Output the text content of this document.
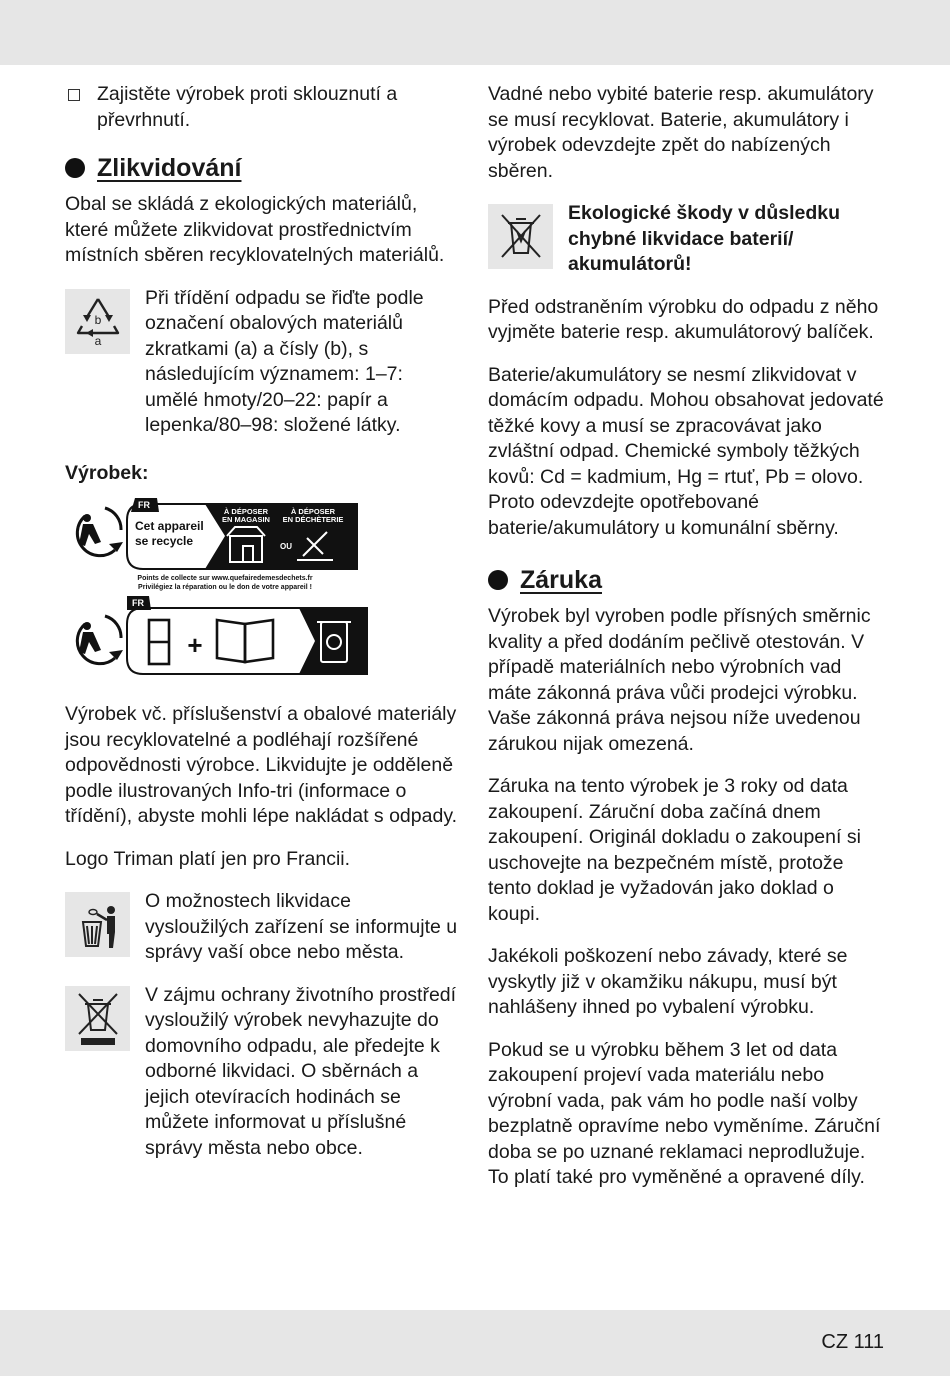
Zajistěte výrobek proti sklouznutí a převrhnutí.
Zlikvidování

Obal se skládá z ekologických materiálů, které můžete zlikvidovat prostřednictvím místních sběren recyklovatelných materiálů.

b
a
Při třídění odpadu se řiďte podle označení obalových materiálů zkratkami (a) a čísly (b), s následujícím významem: 1–7: umělé hmoty/20–22: papír a lepenka/80–98: složené látky.

Výrobek:

FR
Cet appareil
se recycle
À DÉPOSER
EN MAGASIN
À DÉPOSER
EN DÉCHÈTERIE
OU
Points de collecte sur www.quefairedemesdechets.fr
Privilégiez la réparation ou le don de votre appareil !
FR
+

Výrobek vč. příslušenství a obalové materiály jsou recyklovatelné a podléhají rozšířené odpovědnosti výrobce. Likvidujte je odděleně podle ilustrovaných Info-tri (informace o třídění), abyste mohli lépe nakládat s odpady.

Logo Triman platí jen pro Francii.

O možnostech likvidace vysloužilých zařízení se informujte u správy vaší obce nebo města.
V zájmu ochrany životního prostředí vysloužilý výrobek nevyhazujte do domovního odpadu, ale předejte k odborné likvidaci. O sběrnách a jejich otevíracích hodinách se můžete informovat u příslušné správy města nebo obce.

Vadné nebo vybité baterie resp. akumulátory se musí recyklovat. Baterie, akumulátory i výrobek odevzdejte zpět do nabízených sběren.

Ekologické škody v důsledku chybné likvidace baterií/ akumulátorů!

Před odstraněním výrobku do odpadu z něho vyjměte baterie resp. akumulátorový balíček.

Baterie/akumulátory se nesmí zlikvidovat v domácím odpadu. Mohou obsahovat jedovaté těžké kovy a musí se zpracovávat jako zvláštní odpad. Chemické symboly těžkých kovů: Cd = kadmium, Hg = rtuť, Pb = olovo. Proto odevzdejte opotřebované baterie/akumulátory u komunální sběrny.

Záruka

Výrobek byl vyroben podle přísných směrnic kvality a před dodáním pečlivě otestován. V případě materiálních nebo výrobních vad máte zákonná práva vůči prodejci výrobku. Vaše zákonná práva nejsou níže uvedenou zárukou nijak omezená.

Záruka na tento výrobek je 3 roky od data zakoupení. Záruční doba začíná dnem zakoupení. Originál dokladu o zakoupení si uschovejte na bezpečném místě, protože tento doklad je vyžadován jako doklad o koupi.

Jakékoli poškození nebo závady, které se vyskytly již v okamžiku nákupu, musí být nahlášeny ihned po vybalení výrobku.

Pokud se u výrobku během 3 let od data zakoupení projeví vada materiálu nebo výrobní vada, pak vám ho podle naší volby bezplatně opravíme nebo vyměníme. Záruční doba se po uznané reklamaci neprodlužuje. To platí také pro vyměněné a opravené díly.

CZ 111
